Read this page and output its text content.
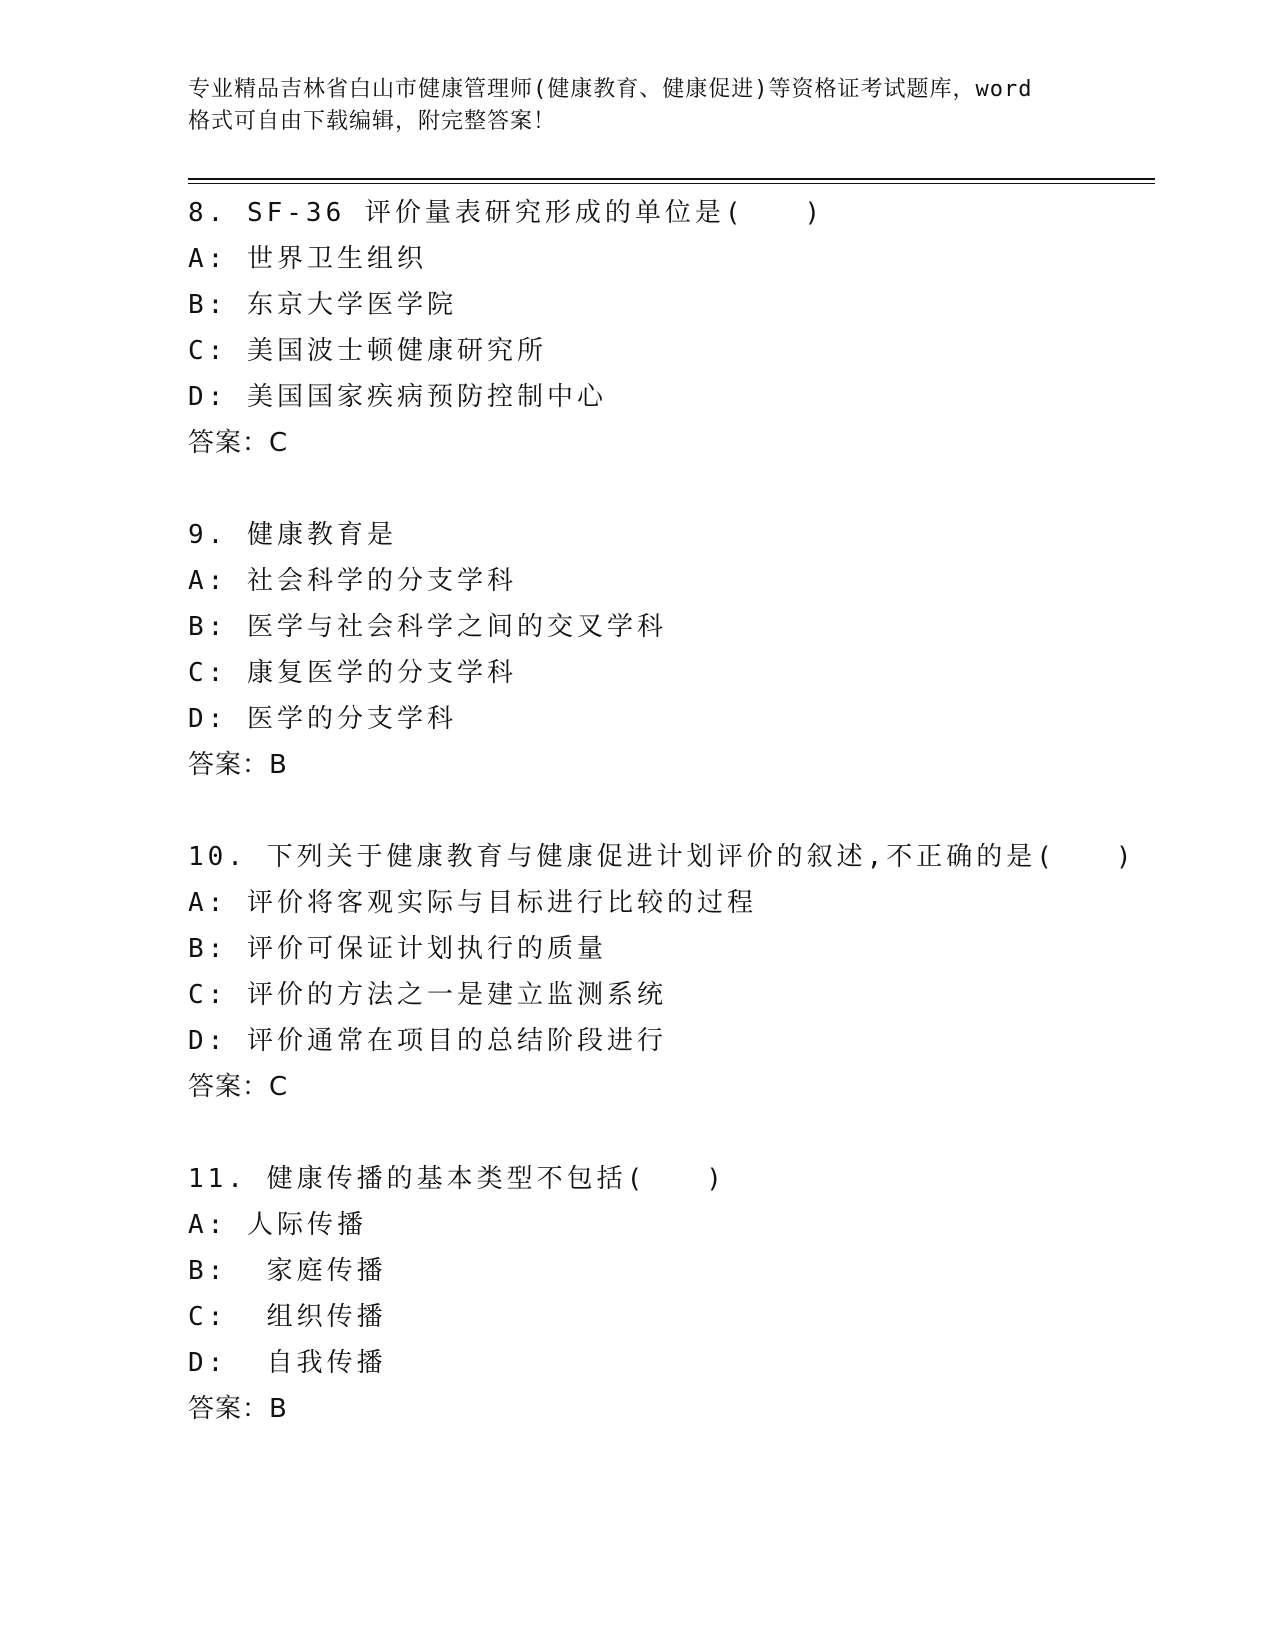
专业精品吉林省白山市健康管理师(健康教育、健康促进)等资格证考试题库，word
格式可自由下载编辑，附完整答案！
8. SF-36 评价量表研究形成的单位是(　　)
A: 世界卫生组织
B: 东京大学医学院
C: 美国波士顿健康研究所
D: 美国国家疾病预防控制中心
答案：C
9. 健康教育是
A: 社会科学的分支学科
B: 医学与社会科学之间的交叉学科
C: 康复医学的分支学科
D: 医学的分支学科
答案：B
10. 下列关于健康教育与健康促进计划评价的叙述,不正确的是(　　)
A: 评价将客观实际与目标进行比较的过程
B: 评价可保证计划执行的质量
C: 评价的方法之一是建立监测系统
D: 评价通常在项目的总结阶段进行
答案：C
11. 健康传播的基本类型不包括(　　)
A: 人际传播
B:  家庭传播
C:  组织传播
D:  自我传播
答案：B
